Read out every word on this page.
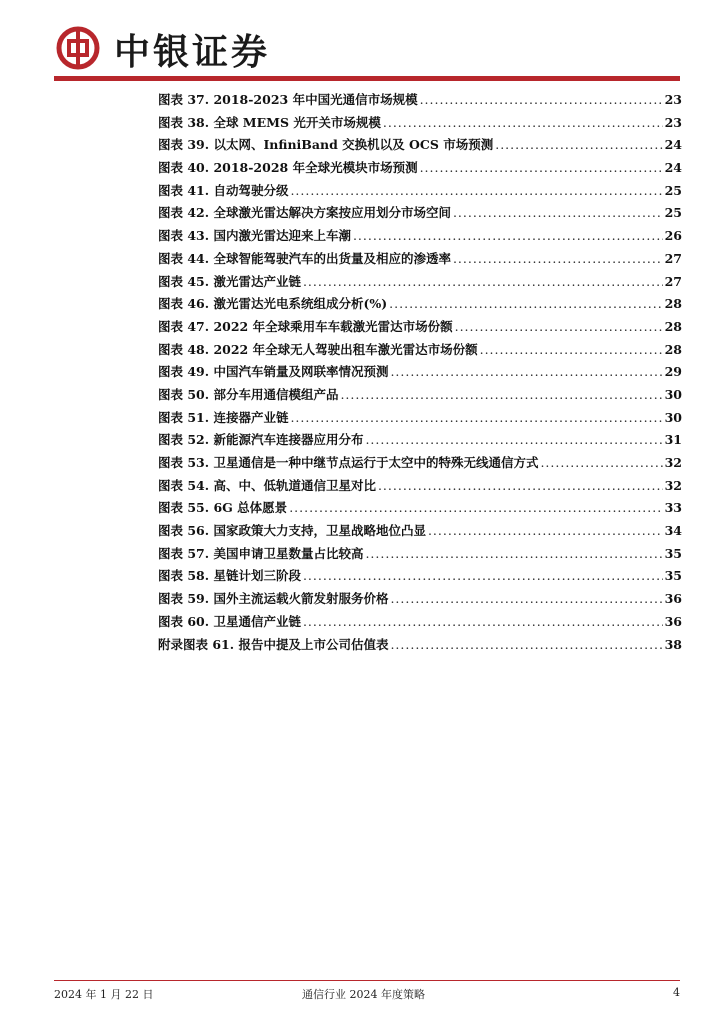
中银证券
图表 37. 2018-2023 年中国光通信市场规模 .....	23
图表 38. 全球 MEMS 光开关市场规模 .....	23
图表 39. 以太网、InfiniBand 交换机以及 OCS 市场预测 .....	24
图表 40. 2018-2028 年全球光模块市场预测 .....	24
图表 41. 自动驾驶分级 .....	25
图表 42. 全球激光雷达解决方案按应用划分市场空间 .....	25
图表 43. 国内激光雷达迎来上车潮 .....	26
图表 44. 全球智能驾驶汽车的出货量及相应的渗透率 .....	27
图表 45. 激光雷达产业链 .....	27
图表 46. 激光雷达光电系统组成分析(%) .....	28
图表 47. 2022 年全球乘用车车载激光雷达市场份额 .....	28
图表 48. 2022 年全球无人驾驶出租车激光雷达市场份额 .....	28
图表 49. 中国汽车销量及网联率情况预测 .....	29
图表 50. 部分车用通信模组产品 .....	30
图表 51. 连接器产业链 .....	30
图表 52. 新能源汽车连接器应用分布 .....	31
图表 53. 卫星通信是一种中继节点运行于太空中的特殊无线通信方式 .....	32
图表 54. 高、中、低轨道通信卫星对比 .....	32
图表 55. 6G 总体愿景 .....	33
图表 56. 国家政策大力支持，卫星战略地位凸显 .....	34
图表 57. 美国申请卫星数量占比较高 .....	35
图表 58. 星链计划三阶段 .....	35
图表 59. 国外主流运载火箭发射服务价格 .....	36
图表 60. 卫星通信产业链 .....	36
附录图表 61. 报告中提及上市公司估值表 .....	38
2024 年 1 月 22 日	通信行业 2024 年度策略	4
